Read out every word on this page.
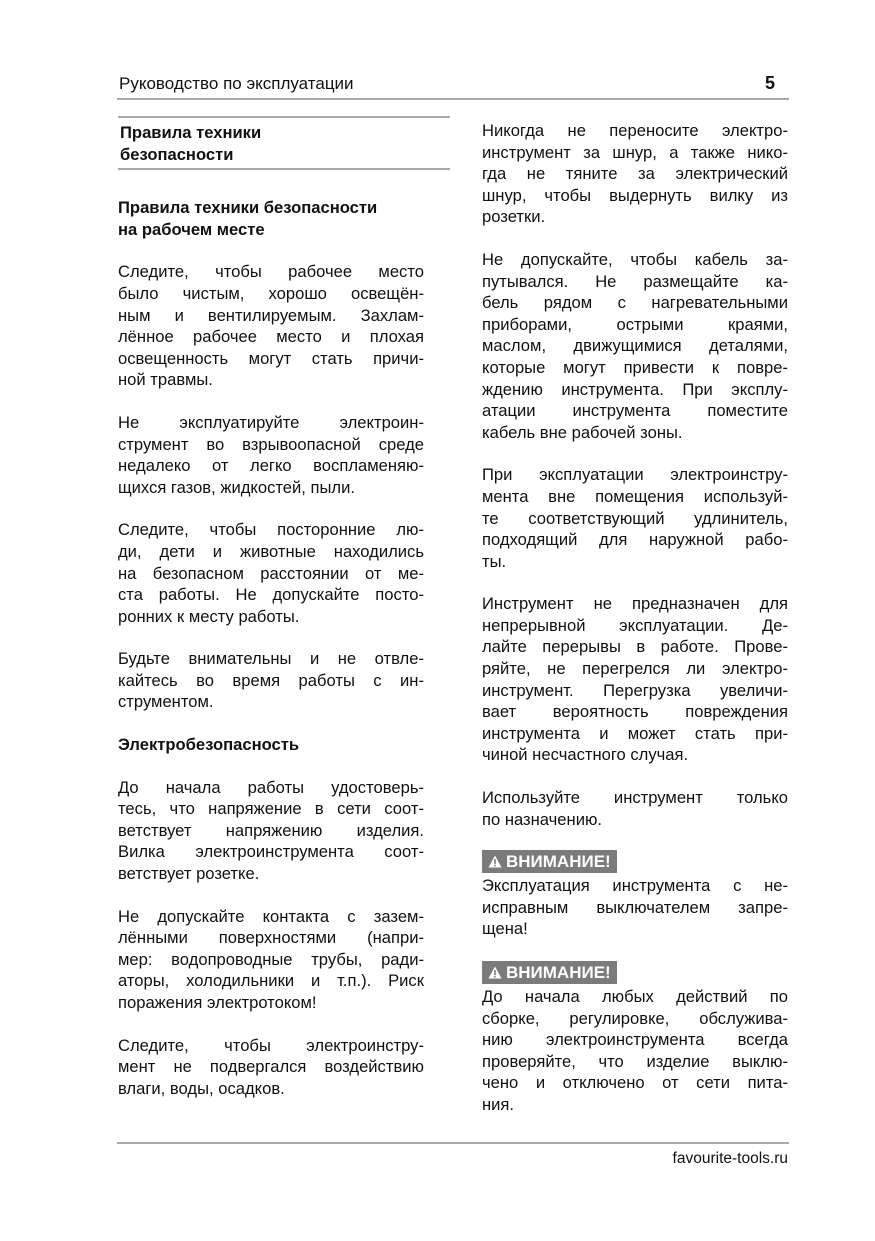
Руководство по эксплуатации	5
Правила техники
безопасности
Правила техники безопасности
на рабочем месте

Следите, чтобы рабочее место
было чистым, хорошо освещён-
ным и вентилируемым. Захлам-
лённое рабочее место и плохая
освещенность могут стать причи-
ной травмы.

Не эксплуатируйте электроин-
струмент во взрывоопасной среде
недалеко от легко воспламеняю-
щихся газов, жидкостей, пыли.

Следите, чтобы посторонние лю-
ди, дети и животные находились
на безопасном расстоянии от ме-
ста работы. Не допускайте посто-
ронних к месту работы.

Будьте внимательны и не отвле-
кайтесь во время работы с ин-
струментом.

Электробезопасность

До начала работы удостоверь-
тесь, что напряжение в сети соот-
ветствует напряжению изделия.
Вилка электроинструмента соот-
ветствует розетке.

Не допускайте контакта с зазем-
лёнными поверхностями (напри-
мер: водопроводные трубы, ради-
аторы, холодильники и т.п.). Риск
поражения электротоком!

Следите, чтобы электроинстру-
мент не подвергался воздействию
влаги, воды, осадков.

Никогда не переносите электро-
инструмент за шнур, а также нико-
гда не тяните за электрический
шнур, чтобы выдернуть вилку из
розетки.

Не допускайте, чтобы кабель за-
путывался. Не размещайте ка-
бель рядом с нагревательными
приборами, острыми краями,
маслом, движущимися деталями,
которые могут привести к повре-
ждению инструмента. При эксплу-
атации инструмента поместите
кабель вне рабочей зоны.

При эксплуатации электроинстру-
мента вне помещения используй-
те соответствующий удлинитель,
подходящий для наружной рабо-
ты.

Инструмент не предназначен для
непрерывной эксплуатации. Де-
лайте перерывы в работе. Прове-
ряйте, не перегрелся ли электро-
инструмент. Перегрузка увеличи-
вает вероятность повреждения
инструмента и может стать при-
чиной несчастного случая.

Используйте инструмент только
по назначению.

ВНИМАНИЕ!

Эксплуатация инструмента с не-
исправным выключателем запре-
щена!

ВНИМАНИЕ!

До начала любых действий по
сборке, регулировке, обслужива-
нию электроинструмента всегда
проверяйте, что изделие выклю-
чено и отключено от сети пита-
ния.

favourite-tools.ru
